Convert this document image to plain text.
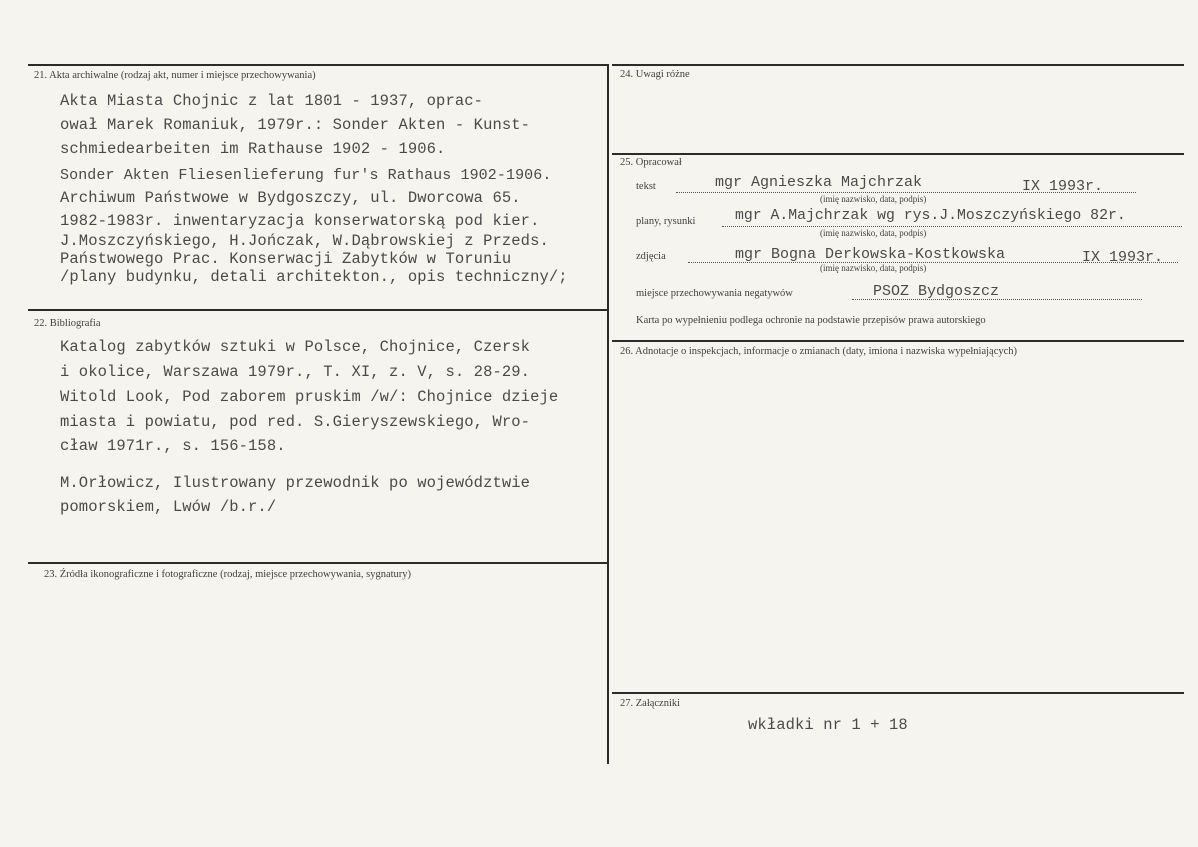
21. Akta archiwalne (rodzaj akt, numer i miejsce przechowywania)
Akta Miasta Chojnic z lat 1801 - 1937, oprac-
ował Marek Romaniuk, 1979r.: Sonder Akten - Kunst-
schmiedearbeiten im Rathause 1902 - 1906.
Sonder Akten Fliesenlieferung fur's Rathaus 1902-1906.
Archiwum Państwowe w Bydgoszczy, ul. Dworcowa 65.
1982-1983r. inwentaryzacja konserwatorską pod kier.
J.Moszczyńskiego, H.Jończak, W.Dąbrowskiej z Przeds.
Państwowego Prac. Konserwacji Zabytków w Toruniu
/plany budynku, detali architekton., opis techniczny/;
22. Bibliografia
Katalog zabytków sztuki w Polsce, Chojnice, Czersk
i okolice, Warszawa 1979r., T. XI, z. V, s. 28-29.
Witold Look, Pod zaborem pruskim /w/: Chojnice dzieje
miasta i powiatu, pod red. S.Gieryszewskiego, Wro-
cław 1971r., s. 156-158.
M.Orłowicz, Ilustrowany przewodnik po województwie
pomorskiem, Lwów /b.r./
23. Źródła ikonograficzne i fotograficzne (rodzaj, miejsce przechowywania, sygnatury)
24. Uwagi różne
25. Opracował
tekst	mgr Agnieszka Majchrzak	IX 1993r.
(imię nazwisko, data, podpis)
plany, rysunki	mgr A.Majchrzak wg rys.J.Moszczyńskiego 82r.
(imię nazwisko, data, podpis)
zdjęcia	mgr Bogna Derkowska-Kostkowska	IX 1993r.
(imię nazwisko, data, podpis)
miejsce przechowywania negatywów	PSOZ Bydgoszcz
Karta po wypełnieniu podlega ochronie na podstawie przepisów prawa autorskiego
26. Adnotacje o inspekcjach, informacje o zmianach (daty, imiona i nazwiska wypełniających)
27. Załączniki
wkładki nr 1 + 18
